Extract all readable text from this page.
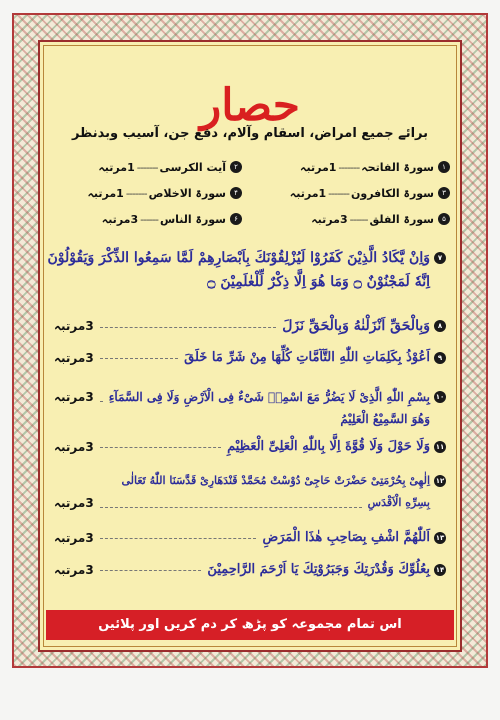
حصار
برائے جمیع امراض، اسقام وآلام، دفع جن، آسیب وبدنظر
۱
سورۃ الفاتحہ
-------
1مرتبہ
۲
آیت الکرسی
-------
1مرتبہ
۳
سورۃ الکافرون
-------
1مرتبہ
۴
سورۃ الاخلاص
-------
1مرتبہ
۵
سورۃ الفلق
------
3مرتبہ
۶
سورۃ الناس
------
3مرتبہ
۷
وَاِنْ یَّكَادُ الَّذِیْنَ كَفَرُوْا لَیُزْلِقُوْنَكَ بِاَبْصَارِهِمْ لَمَّا سَمِعُوا الذِّكْرَ وَیَقُوْلُوْنَ
اِنَّهٗ لَمَجْنُوْنٌ ۝ وَمَا هُوَ اِلَّا ذِكْرٌ لِّلْعٰلَمِیْنَ ۝
۸
وَبِالْحَقِّ اَنْزَلْنٰهُ وَبِالْحَقِّ نَزَلَ
3مرتبہ
۹
اَعُوْذُ بِكَلِمَاتِ اللّٰهِ التَّآمَّاتِ كُلِّهَا مِنْ شَرِّ مَا خَلَقَ
3مرتبہ
۱۰
بِسْمِ اللّٰهِ الَّذِیْ لَا یَضُرُّ مَعَ اسْمِهٖ شَیْءٌ فِی الْاَرْضِ وَلَا فِی السَّمَآءِ
3مرتبہ
وَهُوَ السَّمِیْعُ الْعَلِیْمُ
۱۱
وَلَا حَوْلَ وَلَا قُوَّةَ اِلَّا بِاللّٰهِ الْعَلِیِّ الْعَظِیْمِ
3مرتبہ
۱۲
اِلٰهِیْ بِحُرْمَتِیْ حَضْرَتْ حَاجِیْ دُوْسْتْ مُحَمَّدْ قَنْدَهَارِیْ قَدَّسَنَا اللّٰهُ تَعَالٰی
بِسِرِّهِ الْاَقْدَسِ
3مرتبہ
۱۳
اَللّٰهُمَّ اشْفِ بِصَاحِبِ هٰذَا الْمَرَضِ
3مرتبہ
۱۴
بِعُلُوِّكَ وَقُدْرَتِكَ وَجَبَرُوْتِكَ یَا اَرْحَمَ الرَّاحِمِیْنَ
3مرتبہ
اس تمام مجموعہ کو پڑھ کر دم کریں اور پلائیں
